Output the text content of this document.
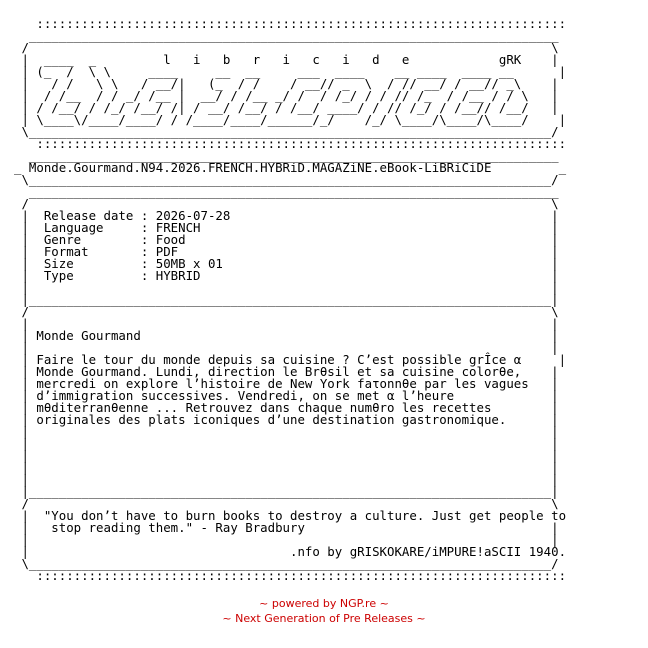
:::::::::::::::::::::::::::::::::::::::::::::::::::::::::::::::::::::::
_______________________________________________________________________
/                                                                      \
|  ____  _         l   i   b   r   i   c   i   d   e            gRK    |
| (_  /  \ \     ____     __  __     ___  ____    __ ____  ____ __      |
|   / /   \ \   / __/|   (_  / /    / __// _  \  / // __/ / __// _\    |
|  / /__  / / _/ /__ |  __/ / /__ _/ /  / /_/ / / // /_  / /__ / / \   |
| / /__/ / /_/ /__/ /| / __/ /__/ / /__/ ____/ / // /_/ / /__// /__/   |
| \____\/____/____/ / /____/____/______/_/    /_/ \____/\____/\____/    |
\______________________________________________________________________/
:::::::::::::::::::::::::::::::::::::::::::::::::::::::::::::::::::::::
_______________________________________________________________________
_ Monde.Gourmand.N94.2026.FRENCH.HYBRiD.MAGAZiNE.eBook-LiBRiCiDE         _
\______________________________________________________________________/
_______________________________________________________________________
/                                                                      \
|  Release date : 2026-07-28                                           |
|  Language     : FRENCH                                               |
|  Genre        : Food                                                 |
|  Format       : PDF                                                  |
|  Size         : 50MB x 01                                            |
|  Type         : HYBRID                                               |
|                                                                      |
|______________________________________________________________________|
/                                                                      \
|                                                                      |
| Monde Gourmand                                                       |
|                                                                      |
| Faire le tour du monde depuis sa cuisine ? C’est possible grÎce α     |
| Monde Gourmand. Lundi, direction le Brθsil et sa cuisine colorθe,    |
| mercredi on explore l’histoire de New York faτonnθe par les vagues   |
| d’immigration successives. Vendredi, on se met α l’heure             |
| mθditerranθenne ... Retrouvez dans chaque numθro les recettes        |
| originales des plats iconiques d’une destination gastronomique.      |
|                                                                      |
|                                                                      |
|                                                                      |
|                                                                      |
|                                                                      |
|______________________________________________________________________|
/                                                                      \
|  "You don’t have to burn books to destroy a culture. Just get people to
|   stop reading them." - Ray Bradbury                                 |
|                                                                      |
|                                   .nfo by gRISKOKARE/iMPURE!aSCII 1940.
\______________________________________________________________________/
:::::::::::::::::::::::::::::::::::::::::::::::::::::::::::::::::::::::
~ powered by NGP.re ~
~ Next Generation of Pre Releases ~
